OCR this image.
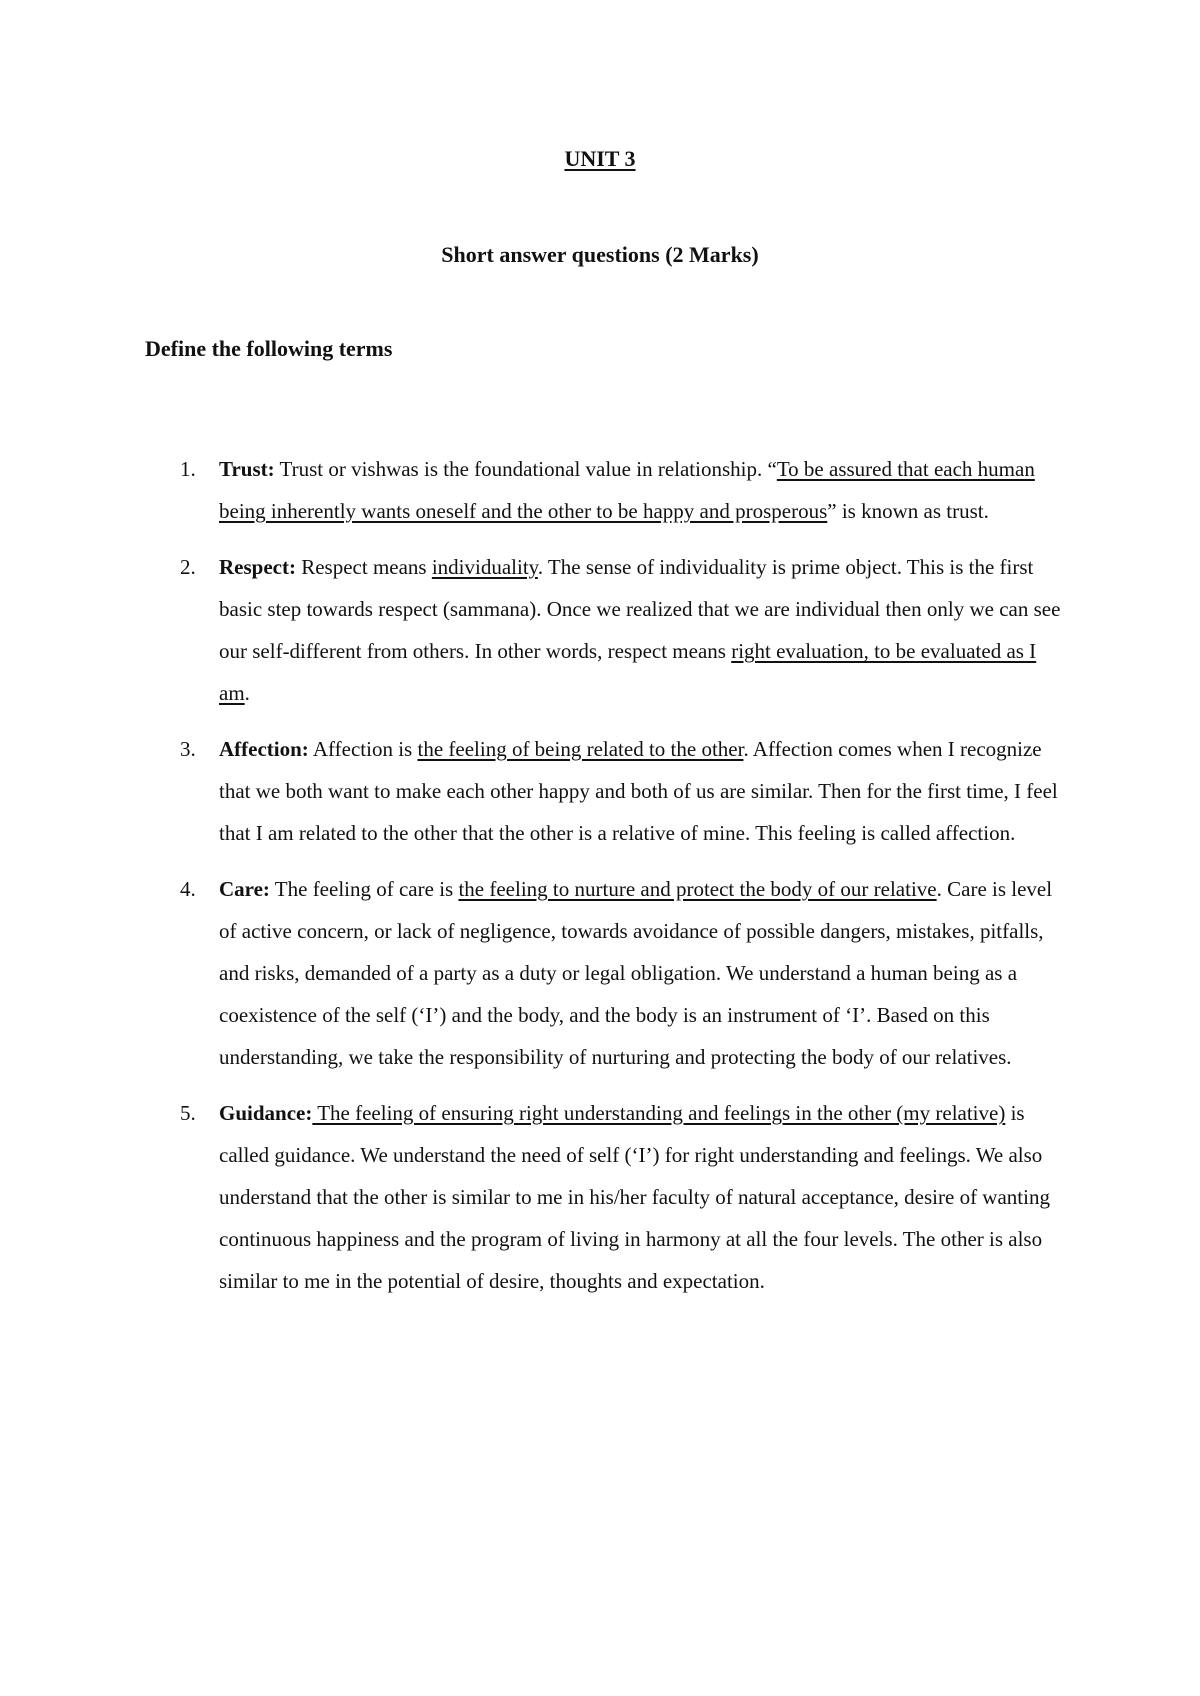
UNIT 3
Short answer questions (2 Marks)
Define the following terms
1. Trust: Trust or vishwas is the foundational value in relationship. “To be assured that each human being inherently wants oneself and the other to be happy and prosperous” is known as trust.
2. Respect: Respect means individuality. The sense of individuality is prime object. This is the first basic step towards respect (sammana). Once we realized that we are individual then only we can see our self-different from others. In other words, respect means right evaluation, to be evaluated as I am.
3. Affection: Affection is the feeling of being related to the other. Affection comes when I recognize that we both want to make each other happy and both of us are similar. Then for the first time, I feel that I am related to the other that the other is a relative of mine. This feeling is called affection.
4. Care: The feeling of care is the feeling to nurture and protect the body of our relative. Care is level of active concern, or lack of negligence, towards avoidance of possible dangers, mistakes, pitfalls, and risks, demanded of a party as a duty or legal obligation. We understand a human being as a coexistence of the self (‘I’) and the body, and the body is an instrument of ‘I’. Based on this understanding, we take the responsibility of nurturing and protecting the body of our relatives.
5. Guidance: The feeling of ensuring right understanding and feelings in the other (my relative) is called guidance. We understand the need of self (‘I’) for right understanding and feelings. We also understand that the other is similar to me in his/her faculty of natural acceptance, desire of wanting continuous happiness and the program of living in harmony at all the four levels. The other is also similar to me in the potential of desire, thoughts and expectation.
